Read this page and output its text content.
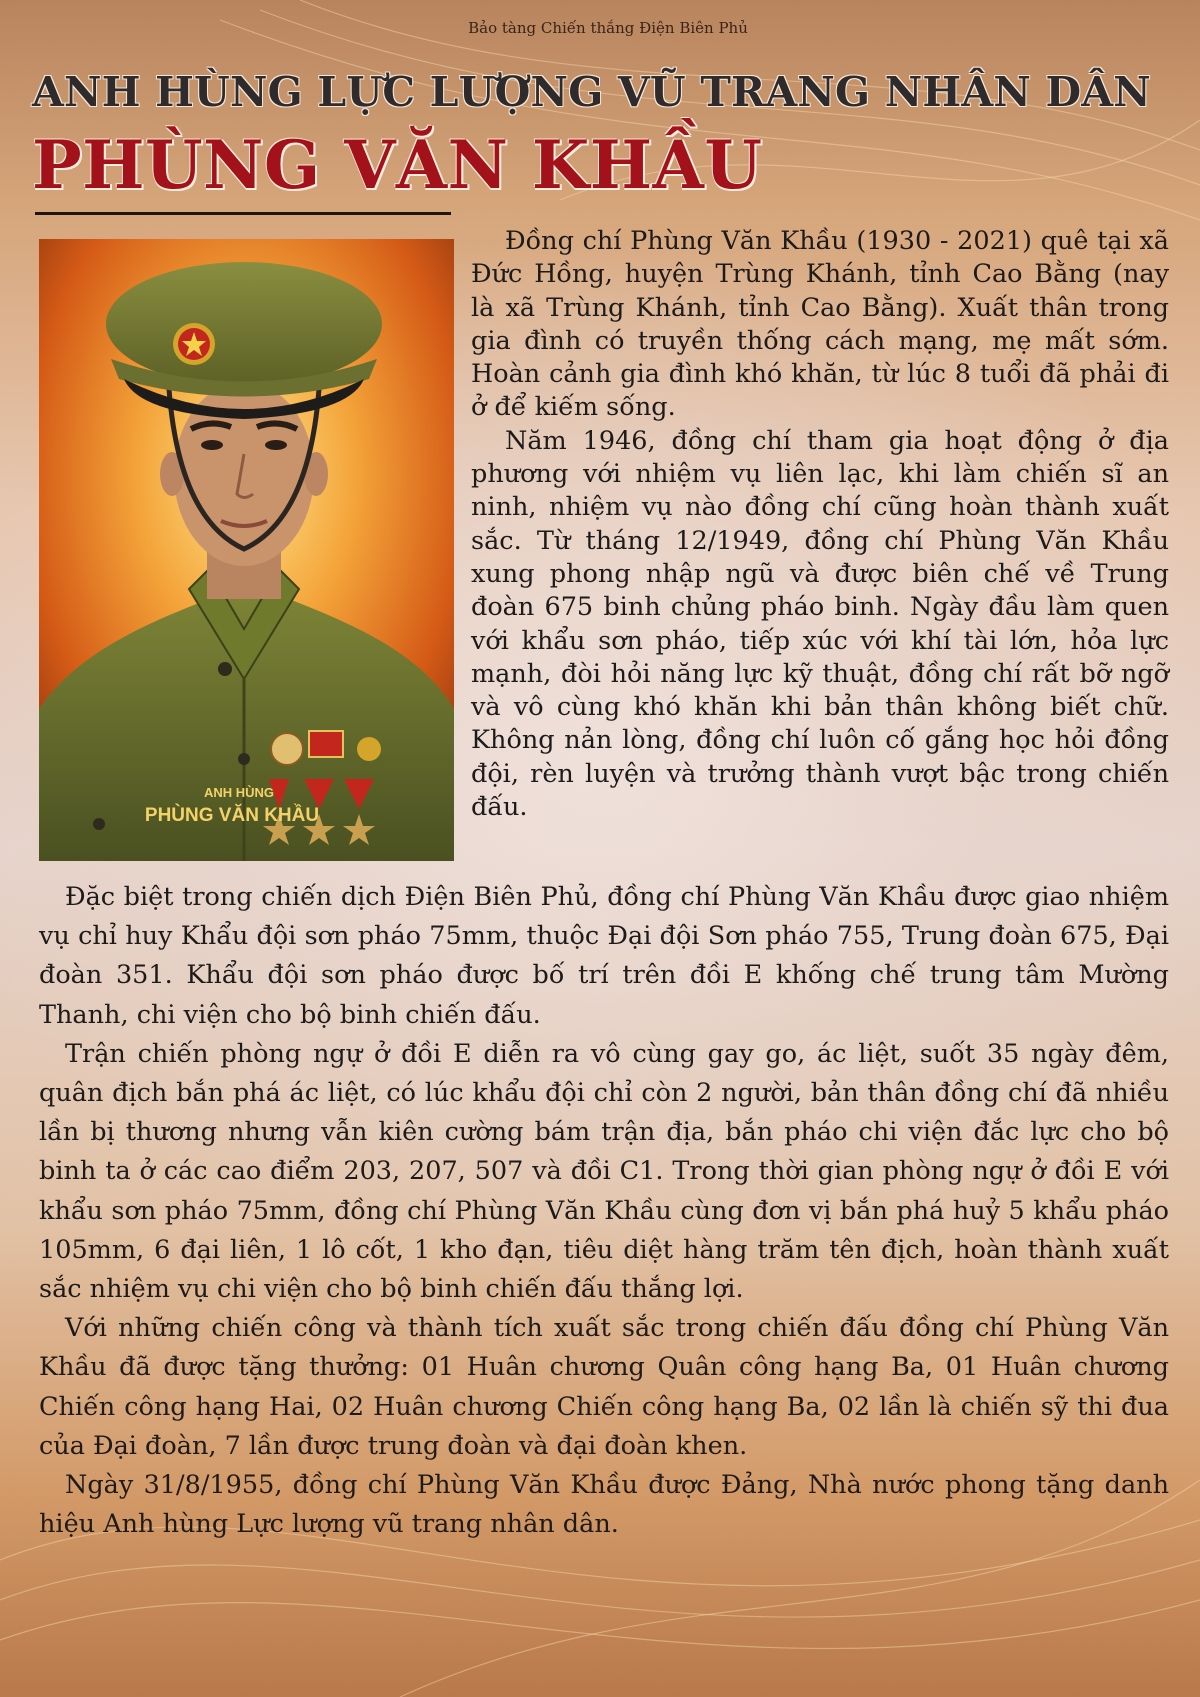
Bảo tàng Chiến thắng Điện Biên Phủ
ANH HÙNG LỰC LƯỢNG VŨ TRANG NHÂN DÂN
PHÙNG VĂN KHẦU
ANH HÙNG
PHÙNG VĂN KHẦU

Đồng chí Phùng Văn Khầu (1930 - 2021) quê tại xã Đức Hồng, huyện Trùng Khánh, tỉnh Cao Bằng (nay là xã Trùng Khánh, tỉnh Cao Bằng). Xuất thân trong gia đình có truyền thống cách mạng, mẹ mất sớm. Hoàn cảnh gia đình khó khăn, từ lúc 8 tuổi đã phải đi ở để kiếm sống.

Năm 1946, đồng chí tham gia hoạt động ở địa phương với nhiệm vụ liên lạc, khi làm chiến sĩ an ninh, nhiệm vụ nào đồng chí cũng hoàn thành xuất sắc. Từ tháng 12/1949, đồng chí Phùng Văn Khầu xung phong nhập ngũ và được biên chế về Trung đoàn 675 binh chủng pháo binh. Ngày đầu làm quen với khẩu sơn pháo, tiếp xúc với khí tài lớn, hỏa lực mạnh, đòi hỏi năng lực kỹ thuật, đồng chí rất bỡ ngỡ và vô cùng khó khăn khi bản thân không biết chữ. Không nản lòng, đồng chí luôn cố gắng học hỏi đồng đội, rèn luyện và trưởng thành vượt bậc trong chiến đấu.

Đặc biệt trong chiến dịch Điện Biên Phủ, đồng chí Phùng Văn Khầu được giao nhiệm vụ chỉ huy Khẩu đội sơn pháo 75mm, thuộc Đại đội Sơn pháo 755, Trung đoàn 675, Đại đoàn 351. Khẩu đội sơn pháo được bố trí trên đồi E khống chế trung tâm Mường Thanh, chi viện cho bộ binh chiến đấu.

Trận chiến phòng ngự ở đồi E diễn ra vô cùng gay go, ác liệt, suốt 35 ngày đêm, quân địch bắn phá ác liệt, có lúc khẩu đội chỉ còn 2 người, bản thân đồng chí đã nhiều lần bị thương nhưng vẫn kiên cường bám trận địa, bắn pháo chi viện đắc lực cho bộ binh ta ở các cao điểm 203, 207, 507 và đồi C1. Trong thời gian phòng ngự ở đồi E với khẩu sơn pháo 75mm, đồng chí Phùng Văn Khầu cùng đơn vị bắn phá huỷ 5 khẩu pháo 105mm, 6 đại liên, 1 lô cốt, 1 kho đạn, tiêu diệt hàng trăm tên địch, hoàn thành xuất sắc nhiệm vụ chi viện cho bộ binh chiến đấu thắng lợi.

Với những chiến công và thành tích xuất sắc trong chiến đấu đồng chí Phùng Văn Khầu đã được tặng thưởng: 01 Huân chương Quân công hạng Ba, 01 Huân chương Chiến công hạng Hai, 02 Huân chương Chiến công hạng Ba, 02 lần là chiến sỹ thi đua của Đại đoàn, 7 lần được trung đoàn và đại đoàn khen.

Ngày 31/8/1955, đồng chí Phùng Văn Khầu được Đảng, Nhà nước phong tặng danh hiệu Anh hùng Lực lượng vũ trang nhân dân.
